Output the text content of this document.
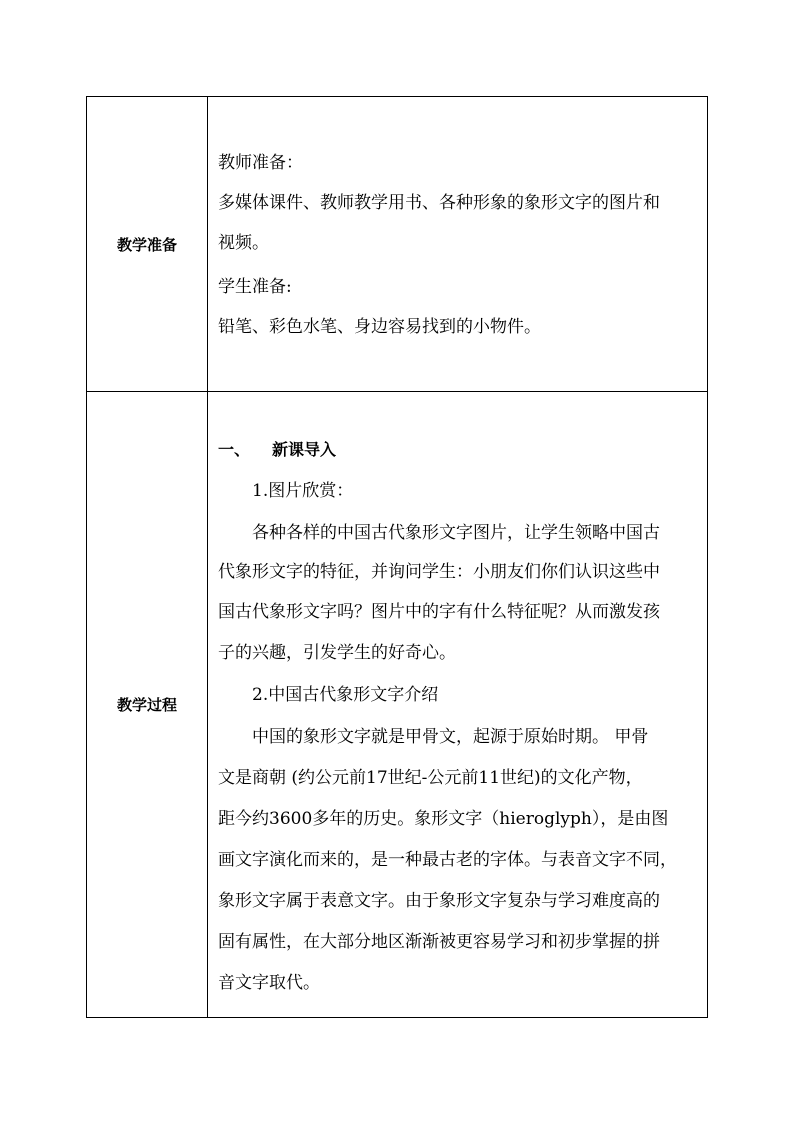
教学准备
教师准备：
多媒体课件、教师教学用书、各种形象的象形文字的图片和
视频。
学生准备:
铅笔、彩色水笔、身边容易找到的小物件。
教学过程
一、 新课导入
1.图片欣赏：
各种各样的中国古代象形文字图片，让学生领略中国古
代象形文字的特征，并询问学生：小朋友们你们认识这些中
国古代象形文字吗？图片中的字有什么特征呢？从而激发孩
子的兴趣，引发学生的好奇心。
2.中国古代象形文字介绍
中国的象形文字就是甲骨文，起源于原始时期。 甲骨
文是商朝 (约公元前17世纪-公元前11世纪)的文化产物，
距今约3600多年的历史。象形文字（hieroglyph），是由图
画文字演化而来的，是一种最古老的字体。与表音文字不同，
象形文字属于表意文字。由于象形文字复杂与学习难度高的
固有属性，在大部分地区渐渐被更容易学习和初步掌握的拼
音文字取代。
